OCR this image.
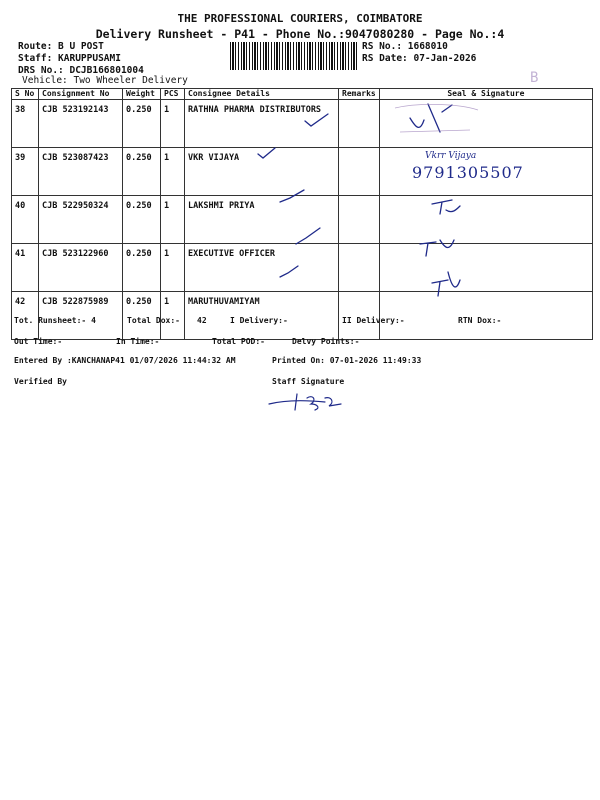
THE PROFESSIONAL COURIERS, COIMBATORE
Delivery Runsheet - P41 - Phone No.:9047080280 - Page No.:4
Route: B U POST
Staff: KARUPPUSAMI
DRS No.: DCJB166801004
Vehicle: Two Wheeler Delivery
RS No.: 1668010
RS Date: 07-Jan-2026
B
S No	Consignment No	Weight	PCS	Consignee Details	Remarks	Seal & Signature
38	CJB 523192143	0.250	1	RATHNA PHARMA DISTRIBUTORS		
39	CJB 523087423	0.250	1	VKR VIJAYA		
40	CJB 522950324	0.250	1	LAKSHMI PRIYA		
41	CJB 523122960	0.250	1	EXECUTIVE OFFICER		
42	CJB 522875989	0.250	1	MARUTHUVAMIYAM		
Vkrr Vijaya
9791305507
Tot. Runsheet:- 4	Total Dox:- 42	I Delivery:-	II Delivery:-	RTN Dox:-
Out Time:-	In Time:-	Total POD:-	Delvy Points:-
Entered By :KANCHANAP41 01/07/2026 11:44:32 AM	Printed On: 07-01-2026 11:49:33
Verified By	Staff Signature
